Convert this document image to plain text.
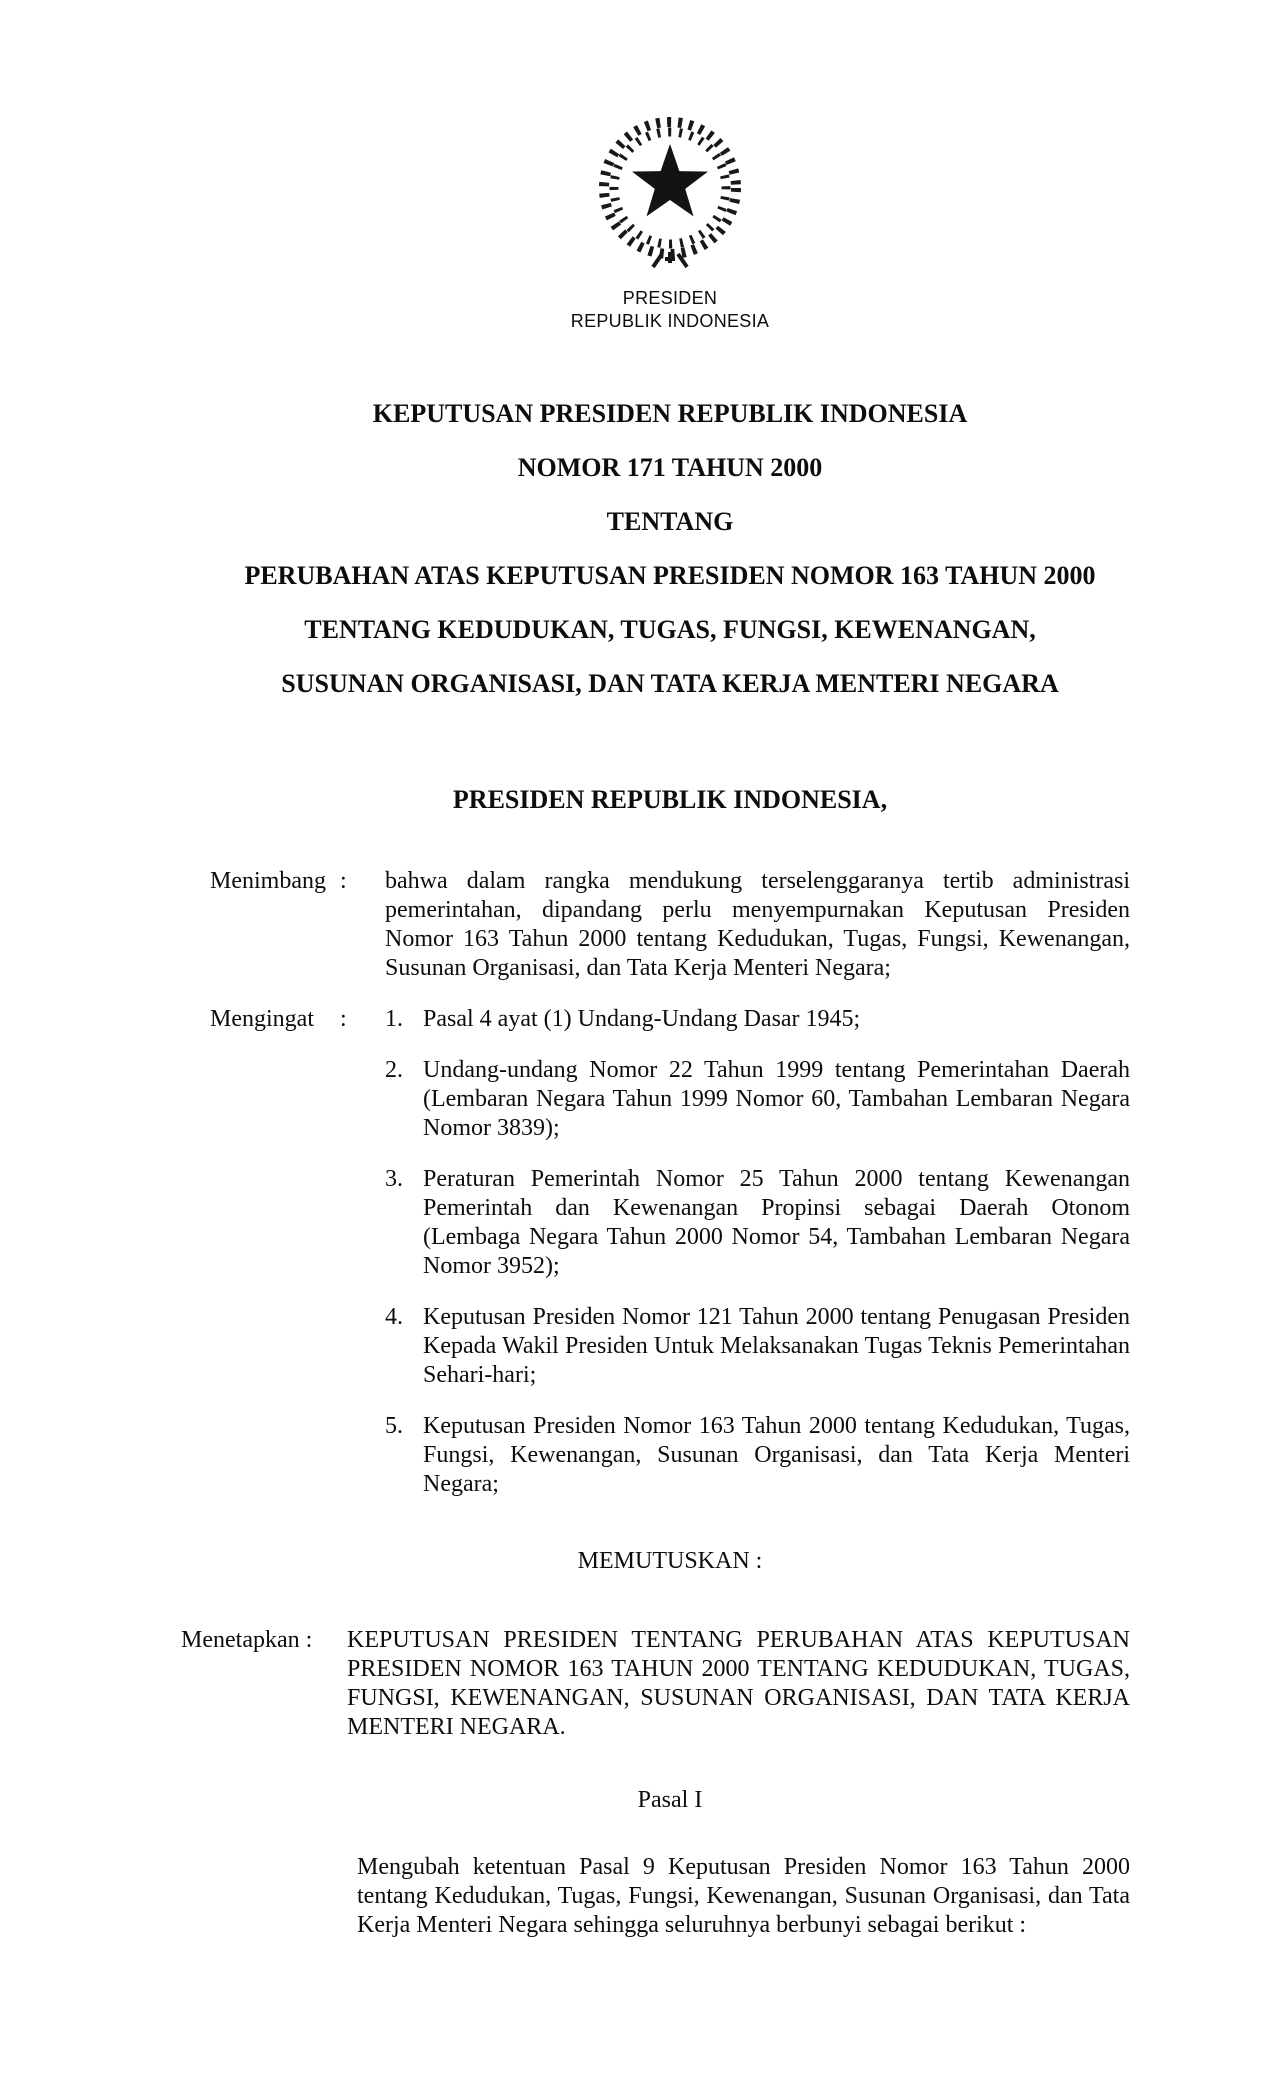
PRESIDEN
REPUBLIK INDONESIA
KEPUTUSAN PRESIDEN REPUBLIK INDONESIA
NOMOR 171 TAHUN 2000
TENTANG
PERUBAHAN ATAS KEPUTUSAN PRESIDEN NOMOR 163 TAHUN 2000
TENTANG KEDUDUKAN, TUGAS, FUNGSI, KEWENANGAN,
SUSUNAN ORGANISASI, DAN TATA KERJA MENTERI NEGARA
PRESIDEN REPUBLIK INDONESIA,
Menimbang :	bahwa dalam rangka mendukung terselenggaranya tertib administrasi pemerintahan, dipandang perlu menyempurnakan Keputusan Presiden Nomor 163 Tahun 2000 tentang Kedudukan, Tugas, Fungsi, Kewenangan, Susunan Organisasi, dan Tata Kerja Menteri Negara;
Mengingat	:	1. Pasal 4 ayat (1) Undang-Undang Dasar 1945;
2. Undang-undang Nomor 22 Tahun 1999 tentang Pemerintahan Daerah (Lembaran Negara Tahun 1999 Nomor 60, Tambahan Lembaran Negara Nomor 3839);
3. Peraturan Pemerintah Nomor 25 Tahun 2000 tentang Kewenangan Pemerintah dan Kewenangan Propinsi sebagai Daerah Otonom (Lembaga Negara Tahun 2000 Nomor 54, Tambahan Lembaran Negara Nomor 3952);
4. Keputusan Presiden Nomor 121 Tahun 2000 tentang Penugasan Presiden Kepada Wakil Presiden Untuk Melaksanakan Tugas Teknis Pemerintahan Sehari-hari;
5. Keputusan Presiden Nomor 163 Tahun 2000 tentang Kedudukan, Tugas, Fungsi, Kewenangan, Susunan Organisasi, dan Tata Kerja Menteri Negara;
MEMUTUSKAN :
Menetapkan :	KEPUTUSAN PRESIDEN TENTANG PERUBAHAN ATAS KEPUTUSAN PRESIDEN NOMOR 163 TAHUN 2000 TENTANG KEDUDUKAN, TUGAS, FUNGSI, KEWENANGAN, SUSUNAN ORGANISASI, DAN TATA KERJA MENTERI NEGARA.
Pasal I
Mengubah ketentuan Pasal 9 Keputusan Presiden Nomor 163 Tahun 2000 tentang Kedudukan, Tugas, Fungsi, Kewenangan, Susunan Organisasi, dan Tata Kerja Menteri Negara sehingga seluruhnya berbunyi sebagai berikut :
